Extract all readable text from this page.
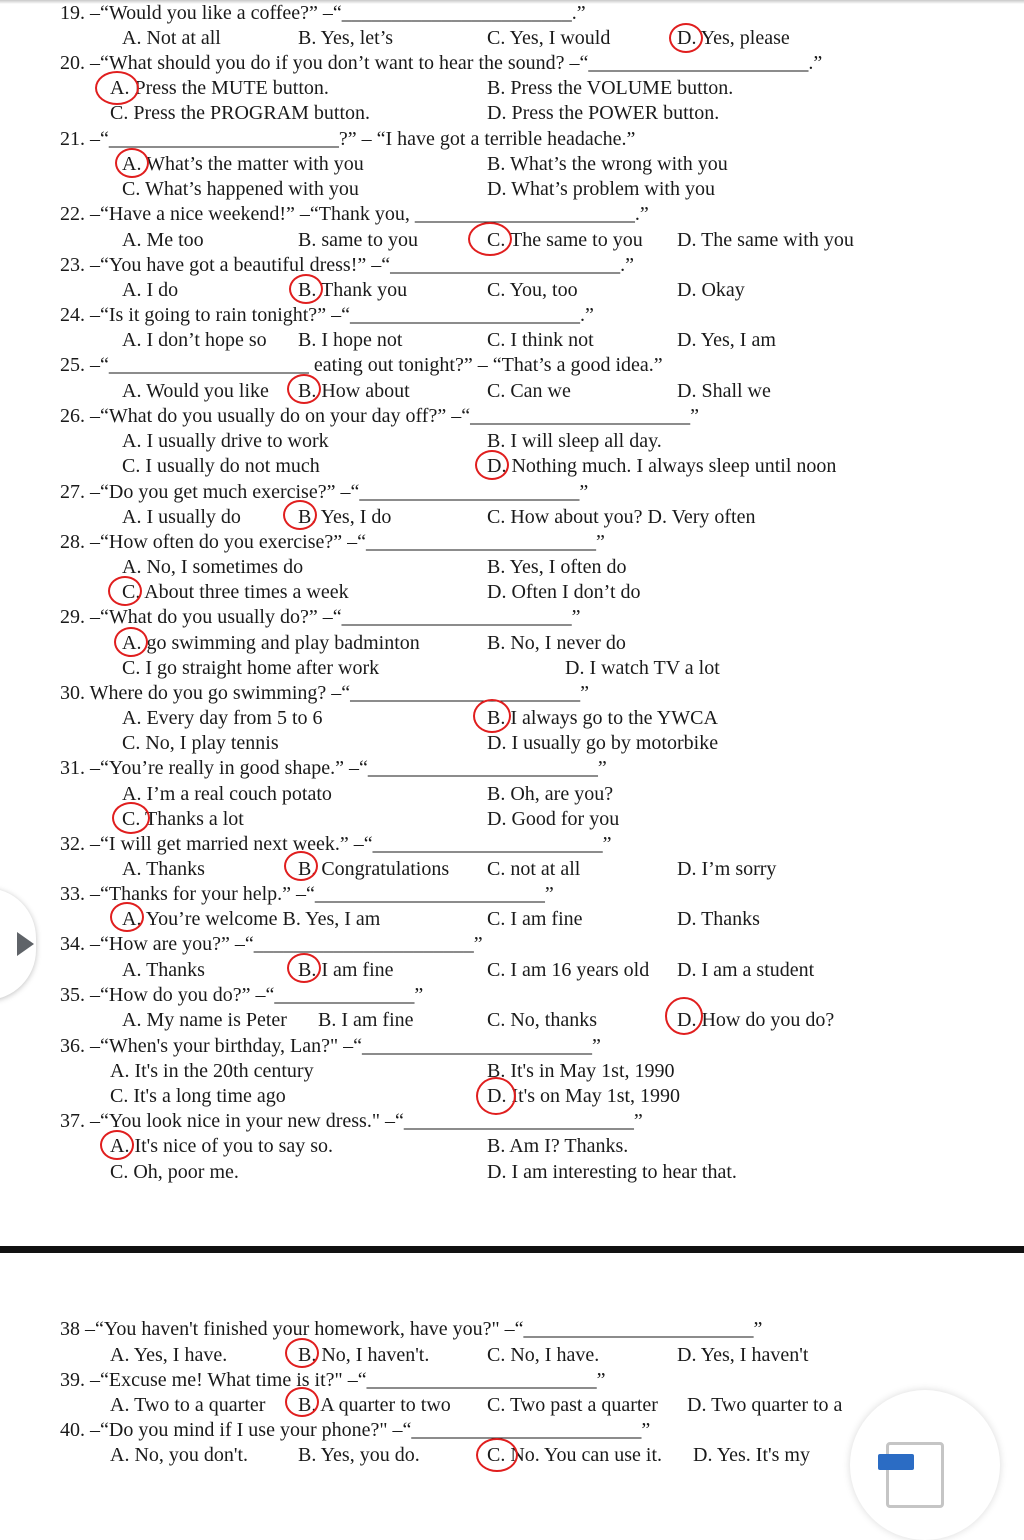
19. –“Would you like a coffee?” –“_______________________.”
A. Not at all	B. Yes, let’s	C. Yes, I would	D. Yes, please
20. –“What should you do if you don’t want to hear the sound? –“______________________.”
A. Press the MUTE button.	B. Press the VOLUME button.
C. Press the PROGRAM button.	D. Press the POWER button.
21. –“_______________________?” – “I have got a terrible headache.”
A. What’s the matter with you	B. What’s the wrong with you
C. What’s happened with you	D. What’s problem with you
22. –“Have a nice weekend!” –“Thank you, ______________________.”
A. Me too	B. same to you	C. The same to you D. The same with you
23. –“You have got a beautiful dress!” –“_______________________.”
A. I do	B. Thank you	C. You, too	D. Okay
24. –“Is it going to rain tonight?” –“_______________________.”
A. I don’t hope so B. I hope not	C. I think not	D. Yes, I am
25. –“____________________ eating out tonight?” – “That’s a good idea.”
A. Would you like B. How about	C. Can we	D. Shall we
26. –“What do you usually do on your day off?” –“______________________”
A. I usually drive to work	B. I will sleep all day.
C. I usually do not much	D. Nothing much. I always sleep until noon
27. –“Do you get much exercise?” –“______________________”
A. I usually do	B. Yes, I do	C. How about you? D. Very often
28. –“How often do you exercise?” –“_______________________”
A. No, I sometimes do	B. Yes, I often do
C. About three times a week	D. Often I don’t do
29. –“What do you usually do?” –“_______________________”
A. go swimming and play badminton	B. No, I never do
C. I go straight home after work	D. I watch TV a lot
30. Where do you go swimming? –“_______________________”
A. Every day from 5 to 6	B. I always go to the YWCA
C. No, I play tennis	D. I usually go by motorbike
31. –“You’re really in good shape.” –“_______________________”
A. I’m a real couch potato	B. Oh, are you?
C. Thanks a lot	D. Good for you
32. –“I will get married next week.” –“_______________________”
A. Thanks	B. Congratulations C. not at all	D. I’m sorry
33. –“Thanks for your help.” –“_______________________”
A. You’re welcome B. Yes, I am	C. I am fine	D. Thanks
34. –“How are you?” –“______________________”
A. Thanks	B. I am fine	C. I am 16 years old D. I am a student
35. –“How do you do?” –“______________”
A. My name is Peter B. I am fine	C. No, thanks	D. How do you do?
36. –“When's your birthday, Lan?" –“_______________________”
A. It's in the 20th century	B. It's in May 1st, 1990
C. It's a long time ago	D. It's on May 1st, 1990
37. –“You look nice in your new dress." –“_______________________”
A. It's nice of you to say so.	B. Am I? Thanks.
C. Oh, poor me.	D. I am interesting to hear that.
38 –“You haven't finished your homework, have you?" –“_______________________”
A. Yes, I have.	B. No, I haven't.	C. No, I have.	D. Yes, I haven't
39. –“Excuse me! What time is it?" –“_______________________”
A. Two to a quarter B. A quarter to two C. Two past a quarter D. Two quarter to a
40. –“Do you mind if I use your phone?" –“_______________________”
A. No, you don't. B. Yes, you do.	C. No. You can use it. D. Yes. It's my
